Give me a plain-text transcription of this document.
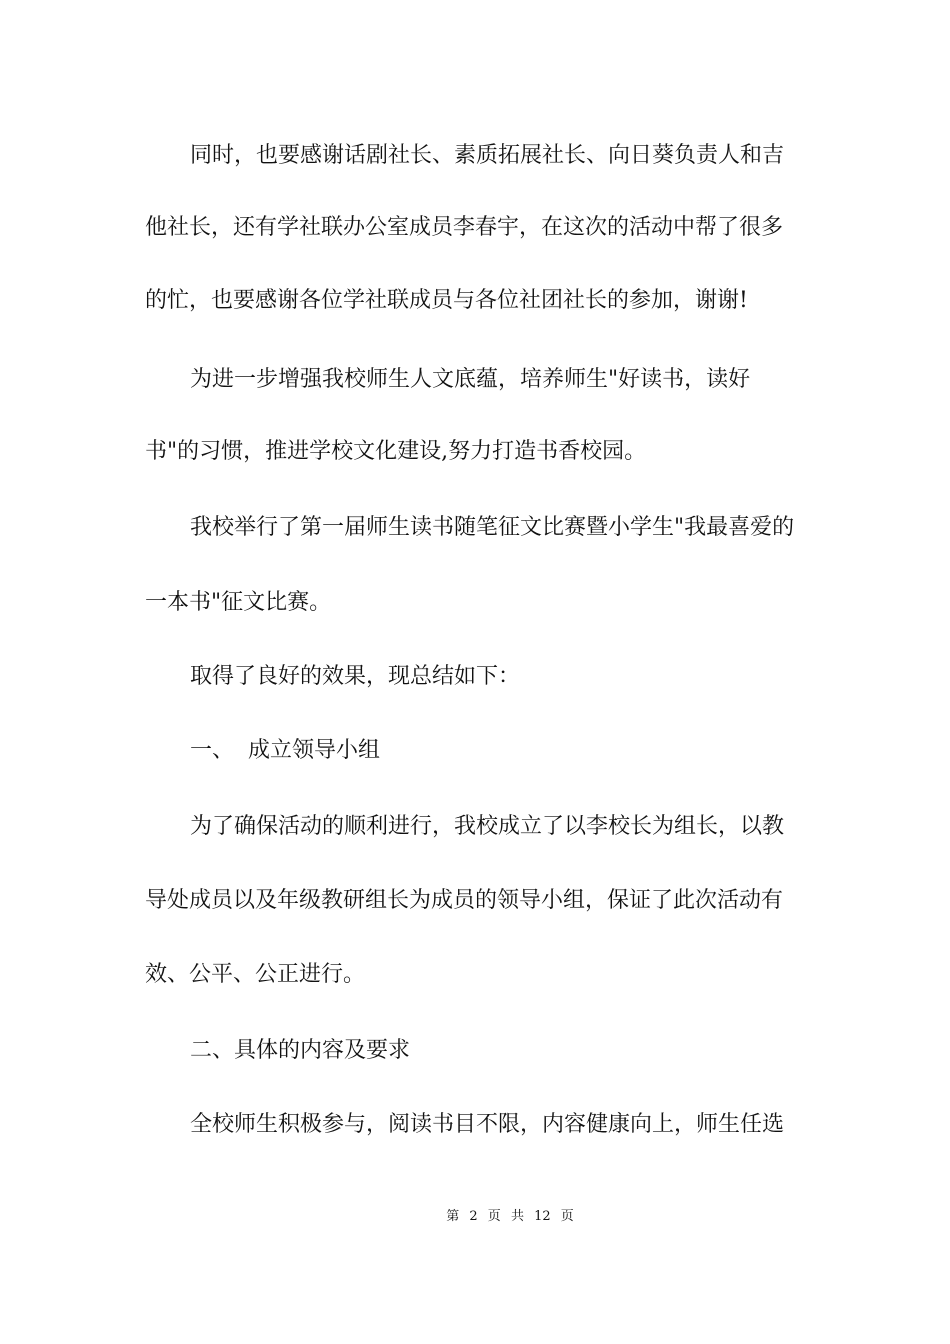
同时，也要感谢话剧社长、素质拓展社长、向日葵负责人和吉
他社长，还有学社联办公室成员李春宇，在这次的活动中帮了很多
的忙，也要感谢各位学社联成员与各位社团社长的参加，谢谢!
为进一步增强我校师生人文底蕴，培养师生"好读书，读好
书"的习惯，推进学校文化建设,努力打造书香校园。
我校举行了第一届师生读书随笔征文比赛暨小学生"我最喜爱的
一本书"征文比赛。
取得了良好的效果，现总结如下：
一、  成立领导小组
为了确保活动的顺利进行，我校成立了以李校长为组长，以教
导处成员以及年级教研组长为成员的领导小组，保证了此次活动有
效、公平、公正进行。
二、具体的内容及要求
全校师生积极参与，阅读书目不限，内容健康向上，师生任选
第 2 页 共 12 页
